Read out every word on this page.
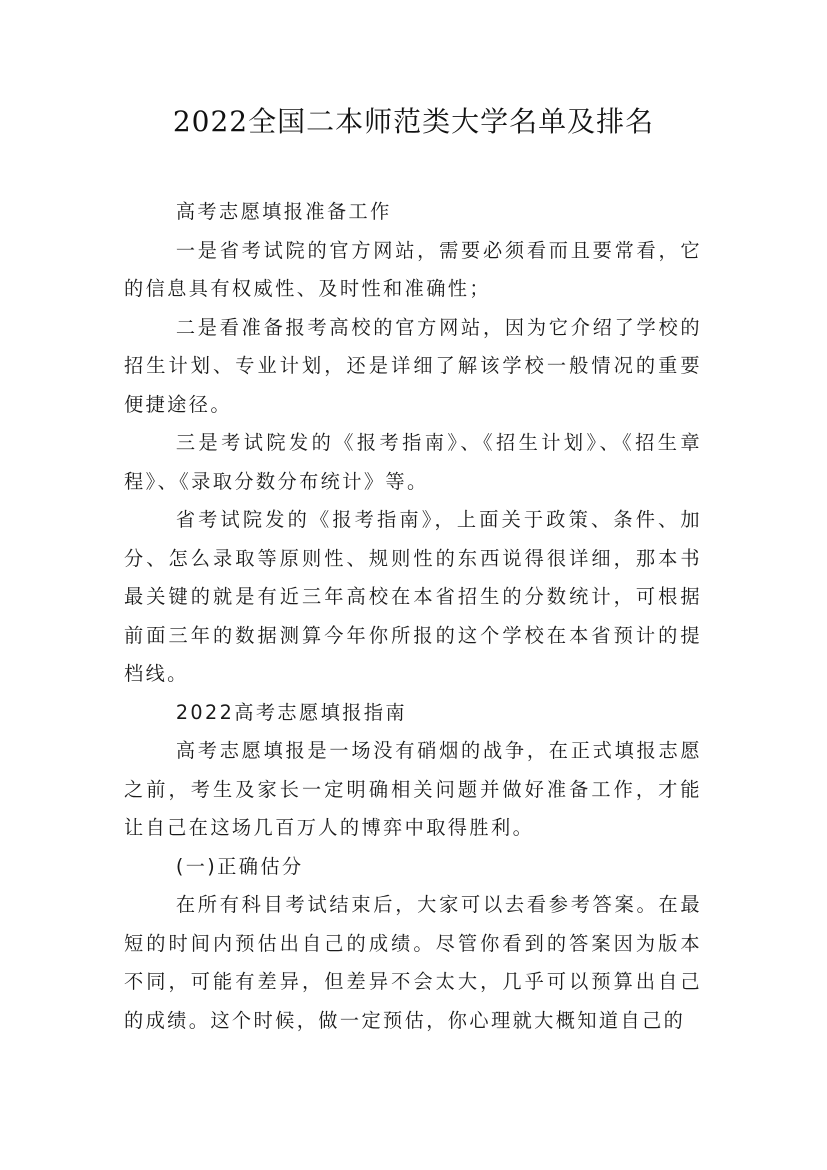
2022全国二本师范类大学名单及排名

高考志愿填报准备工作

一是省考试院的官方网站，需要必须看而且要常看，它的信息具有权威性、及时性和准确性；

二是看准备报考高校的官方网站，因为它介绍了学校的招生计划、专业计划，还是详细了解该学校一般情况的重要便捷途径。

三是考试院发的《报考指南》、《招生计划》、《招生章程》、《录取分数分布统计》等。

省考试院发的《报考指南》，上面关于政策、条件、加分、怎么录取等原则性、规则性的东西说得很详细，那本书最关键的就是有近三年高校在本省招生的分数统计，可根据前面三年的数据测算今年你所报的这个学校在本省预计的提档线。

2022高考志愿填报指南

高考志愿填报是一场没有硝烟的战争，在正式填报志愿之前，考生及家长一定明确相关问题并做好准备工作，才能让自己在这场几百万人的博弈中取得胜利。

(一)正确估分

在所有科目考试结束后，大家可以去看参考答案。在最短的时间内预估出自己的成绩。尽管你看到的答案因为版本不同，可能有差异，但差异不会太大，几乎可以预算出自己的成绩。这个时候，做一定预估，你心理就大概知道自己的
